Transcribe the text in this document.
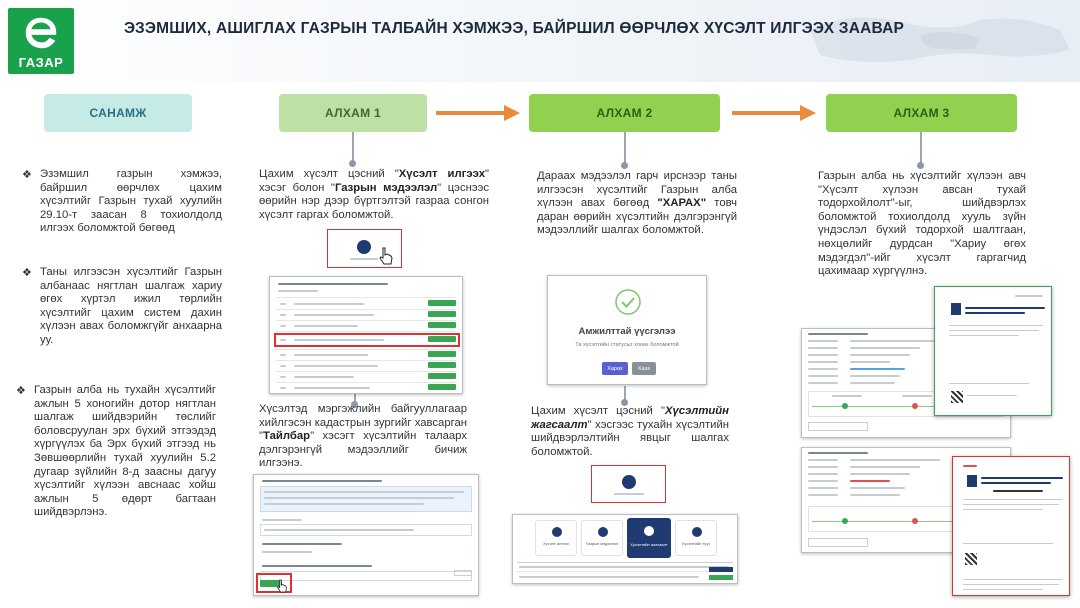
ГАЗАР
ЭЗЭМШИХ, АШИГЛАХ ГАЗРЫН ТАЛБАЙН ХЭМЖЭЭ, БАЙРШИЛ ӨӨРЧЛӨХ ХҮСЭЛТ ИЛГЭЭХ ЗААВАР
САНАМЖ	АЛХАМ 1	АЛХАМ 2	АЛХАМ 3
❖ Эзэмшил газрын хэмжээ, байршил өөрчлөх цахим хүсэлтийг Газрын тухай хуулийн 29.10-т заасан 8 тохиолдолд илгээх боломжтой бөгөөд
❖ Таны илгээсэн хүсэлтийг Газрын албанаас нягтлан шалгаж хариу өгөх хүртэл ижил төрлийн хүсэлтийг цахим систем дахин хүлээн авах боломжгүйг анхаарна уу.
❖ Газрын алба нь тухайн хүсэлтийг ажлын 5 хоногийн дотор нягтлан шалгаж шийдвэрийн төслийг боловсруулан эрх бүхий этгээдэд хүргүүлэх ба Эрх бүхий этгээд нь Зөвшөөрлийн тухай хуулийн 5.2 дугаар зүйлийн 8-д заасны дагуу хүсэлтийг хүлээн авснаас хойш ажлын 5 өдөрт багтаан шийдвэрлэнэ.
Цахим хүсэлт цэсний "Хүсэлт илгээх" хэсэг болон "Газрын мэдээлэл" цэснээс өөрийн нэр дээр бүртгэлтэй газраа сонгон хүсэлт гаргах боломжтой.
Хүсэлтэд мэргэжлийн байгууллагаар хийлгэсэн кадастрын зургийг хавсарган "Тайлбар" хэсэгт хүсэлтийн талаарх дэлгэрэнгүй мэдээллийг бичиж илгээнэ.
Дараах мэдээлэл гарч ирснээр таны илгээсэн хүсэлтийг Газрын алба хүлээн авах бөгөөд "ХАРАХ" товч даран өөрийн хүсэлтийн дэлгэрэнгүй мэдээллийг шалгах боломжтой.
Амжилттай үүсгэлээ
Та хүсэлтийн статусыг хянах боломжтой
Харах	Хаах
Цахим хүсэлт цэсний "Хүсэлтийн жагсаалт" хэсгээс тухайн хүсэлтийн шийдвэрлэлтийн явцыг шалгах боломжтой.
Хүсэлт илгээх	Газрын мэдээлэл	Хүсэлтийн жагсаалт	Хүсэлтийн түүх
Газрын алба нь хүсэлтийг хүлээн авч "Хүсэлт хүлээн авсан тухай тодорхойлолт"-ыг, шийдвэрлэх боломжтой тохиолдолд хууль зүйн үндэслэл бүхий тодорхой шалтгаан, нөхцөлийг дурдсан "Хариу өгөх мэдэгдэл"-ийг хүсэлт гаргагчид цахимаар хүргүүлнэ.
